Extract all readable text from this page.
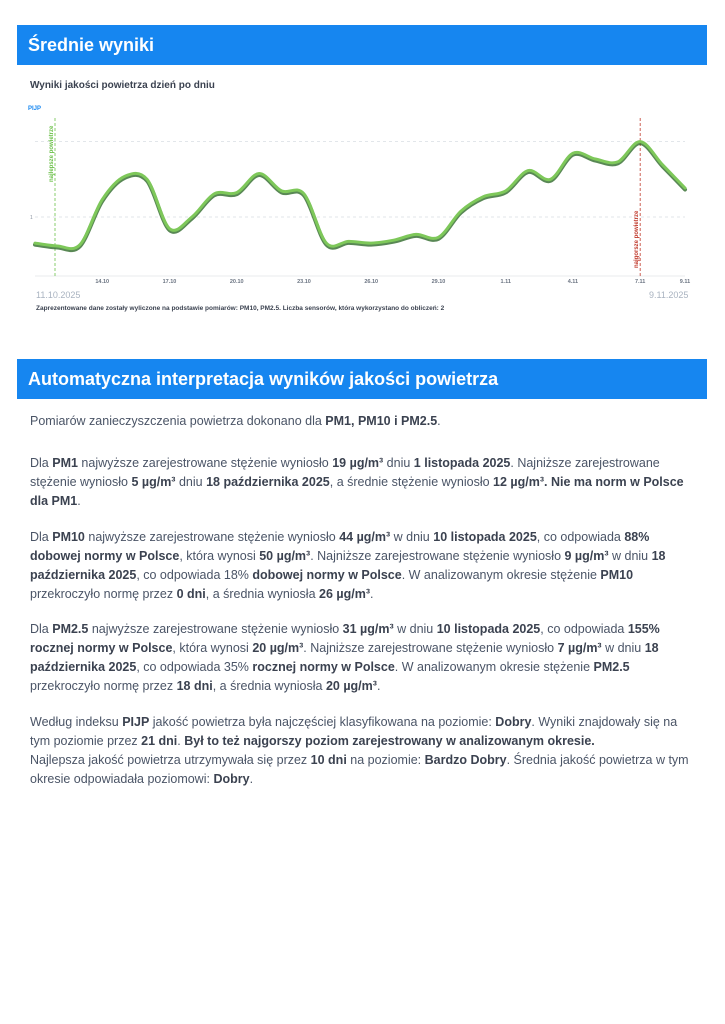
Średnie wyniki
Wyniki jakości powietrza dzień po dniu
1
najlepsze powietrze
najgorsze powietrze
14.10	17.10	20.10	23.10	26.10	29.10	1.11	4.11	7.11	9.11
PIJP
11.10.2025	9.11.2025
Zaprezentowane dane zostały wyliczone na podstawie pomiarów: PM10, PM2.5. Liczba sensorów, która wykorzystano do obliczeń: 2
Automatyczna interpretacja wyników jakości powietrza

Pomiarów zanieczyszczenia powietrza dokonano dla PM1, PM10 i PM2.5.

Dla PM1 najwyższe zarejestrowane stężenie wyniosło 19 µg/m³ dniu 1 listopada 2025. Najniższe zarejestrowane stężenie wyniosło 5 µg/m³ dniu 18 października 2025, a średnie stężenie wyniosło 12 µg/m³. Nie ma norm w Polsce dla PM1.

Dla PM10 najwyższe zarejestrowane stężenie wyniosło 44 µg/m³ w dniu 10 listopada 2025, co odpowiada 88% dobowej normy w Polsce, która wynosi 50 µg/m³. Najniższe zarejestrowane stężenie wyniosło 9 µg/m³ w dniu 18 października 2025, co odpowiada 18% dobowej normy w Polsce. W analizowanym okresie stężenie PM10 przekroczyło normę przez 0 dni, a średnia wyniosła 26 µg/m³.

Dla PM2.5 najwyższe zarejestrowane stężenie wyniosło 31 µg/m³ w dniu 10 listopada 2025, co odpowiada 155% rocznej normy w Polsce, która wynosi 20 µg/m³. Najniższe zarejestrowane stężenie wyniosło 7 µg/m³ w dniu 18 października 2025, co odpowiada 35% rocznej normy w Polsce. W analizowanym okresie stężenie PM2.5 przekroczyło normę przez 18 dni, a średnia wyniosła 20 µg/m³.

Według indeksu PIJP jakość powietrza była najczęściej klasyfikowana na poziomie: Dobry. Wyniki znajdowały się na tym poziomie przez 21 dni. Był to też najgorszy poziom zarejestrowany w analizowanym okresie.
Najlepsza jakość powietrza utrzymywała się przez 10 dni na poziomie: Bardzo Dobry. Średnia jakość powietrza w tym okresie odpowiadała poziomowi: Dobry.
